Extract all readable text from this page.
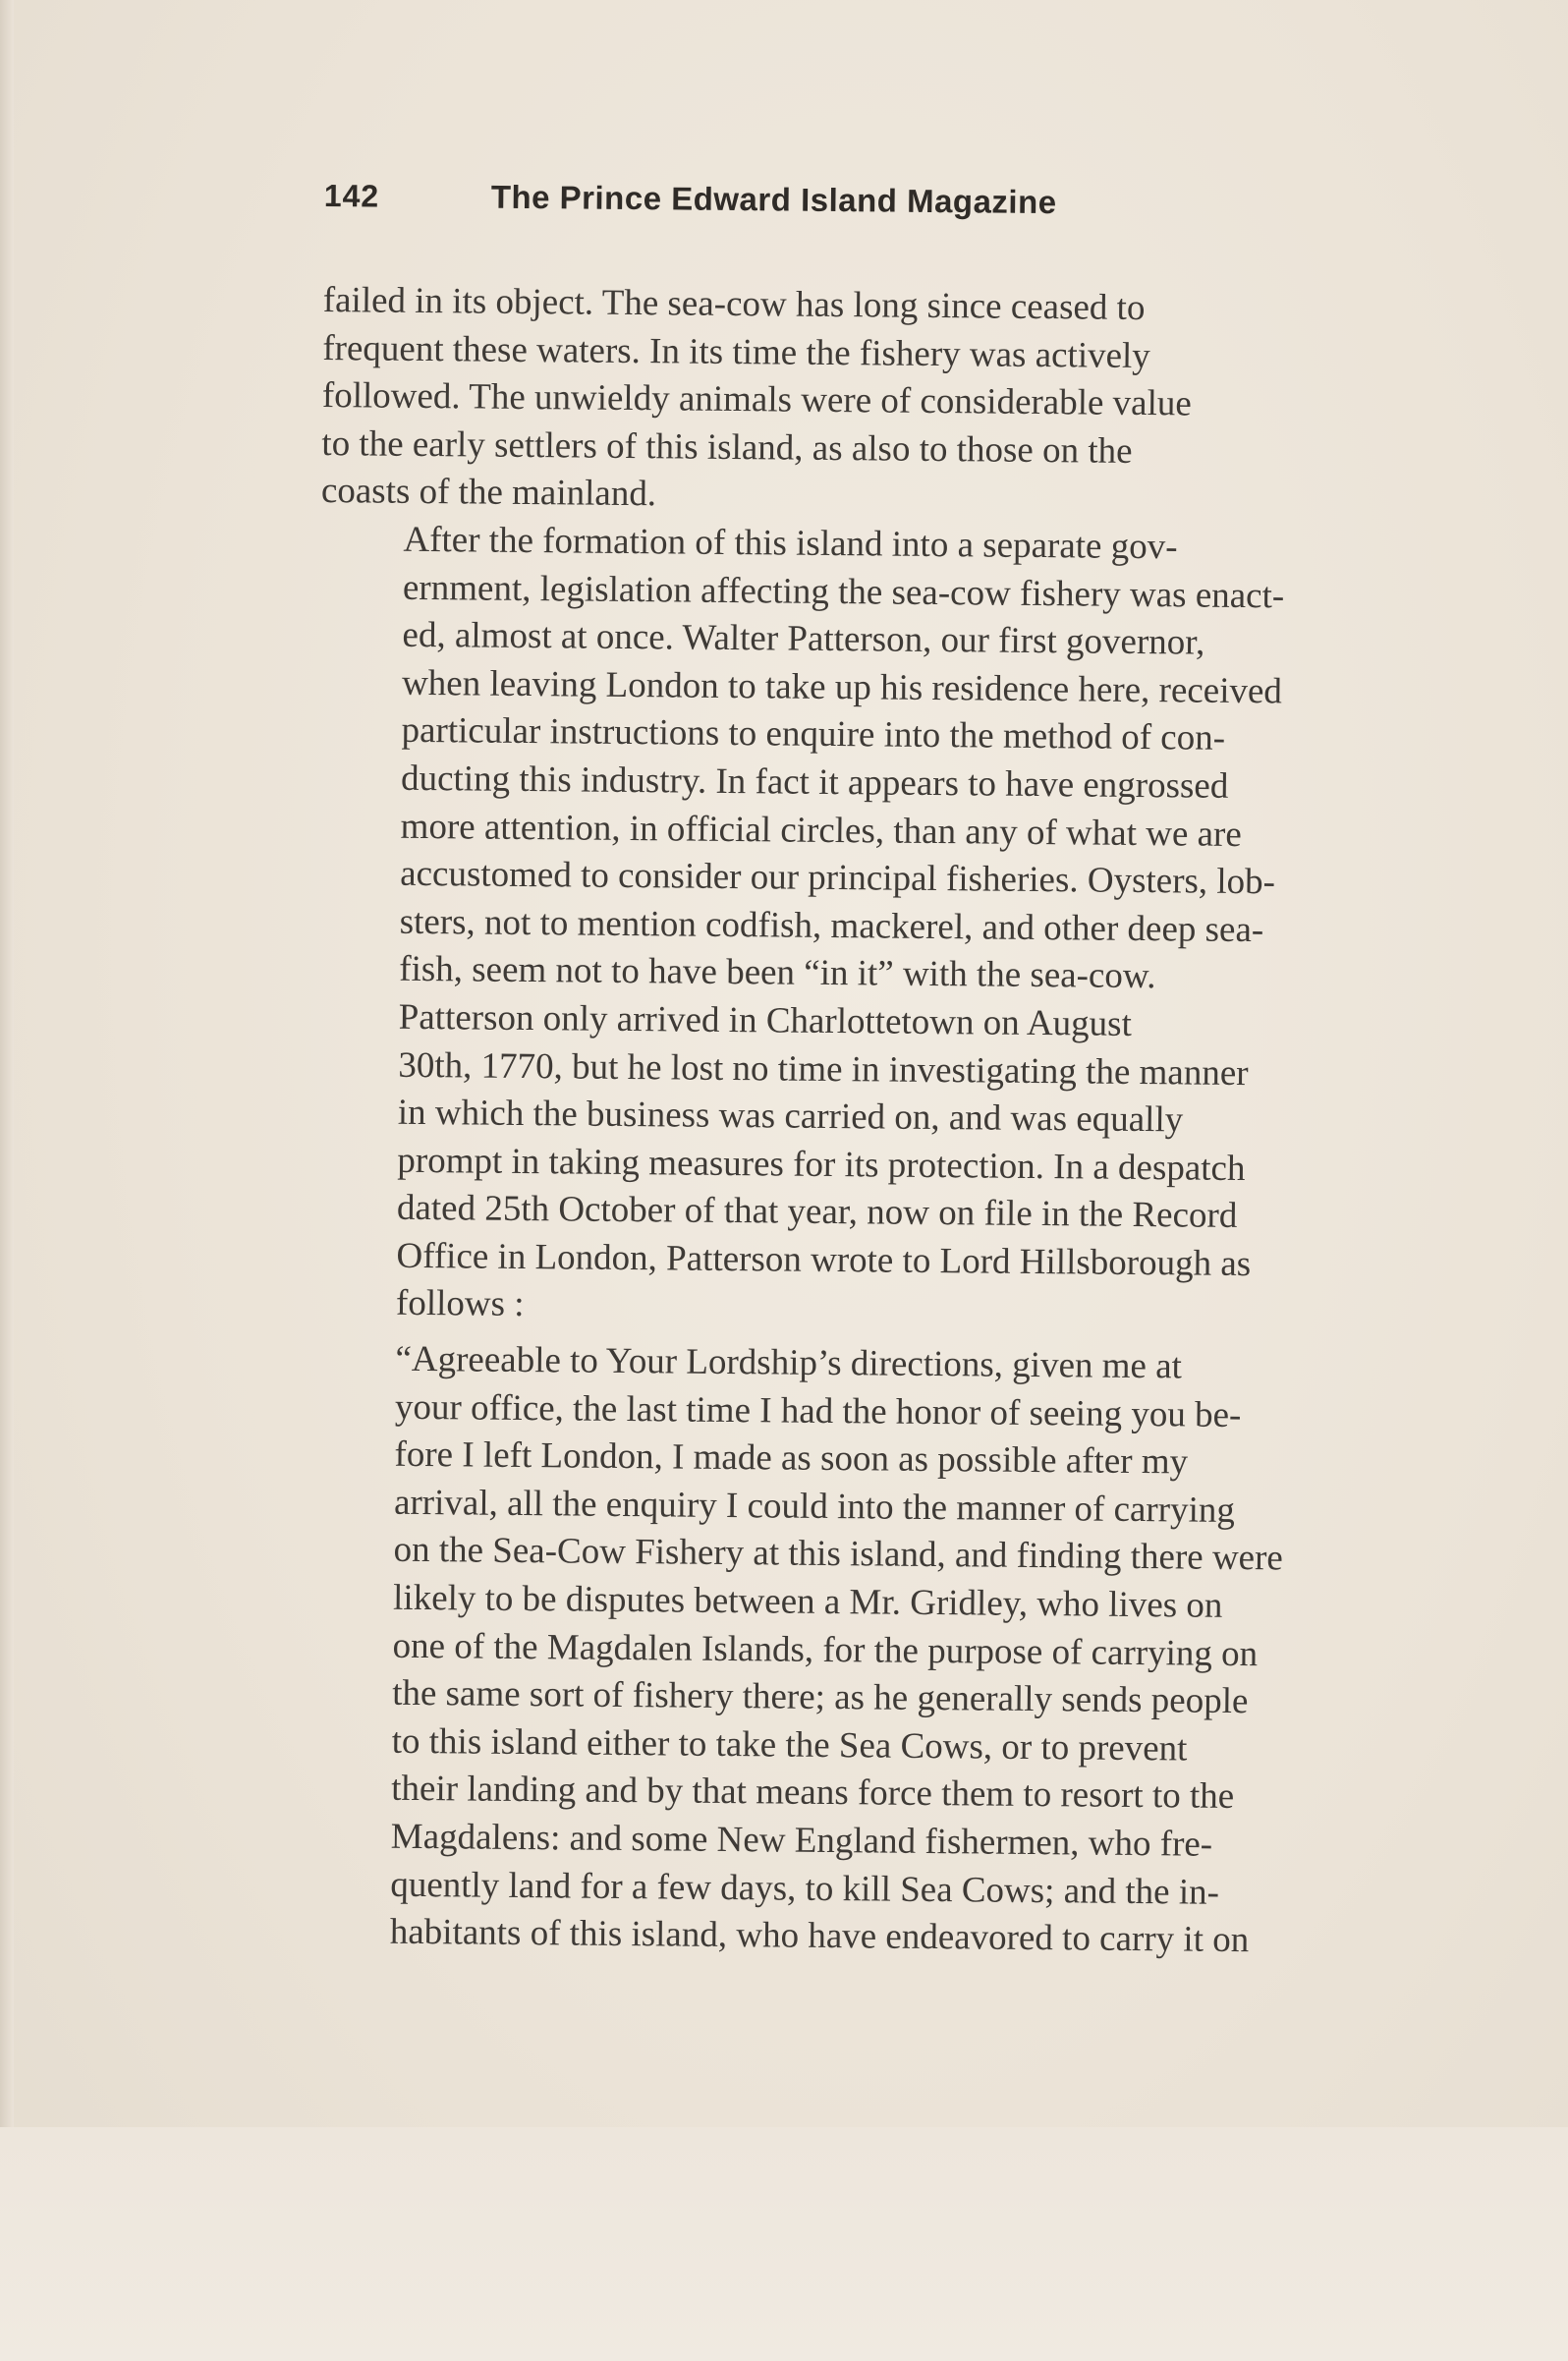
142	The Prince Edward Island Magazine

failed in its object. The sea-cow has long since ceased to
frequent these waters. In its time the fishery was actively
followed. The unwieldy animals were of considerable value
to the early settlers of this island, as also to those on the
coasts of the mainland.

After the formation of this island into a separate gov-
ernment, legislation affecting the sea-cow fishery was enact-
ed, almost at once. Walter Patterson, our first governor,
when leaving London to take up his residence here, received
particular instructions to enquire into the method of con-
ducting this industry. In fact it appears to have engrossed
more attention, in official circles, than any of what we are
accustomed to consider our principal fisheries. Oysters, lob-
sters, not to mention codfish, mackerel, and other deep sea-
fish, seem not to have been “in it” with the sea-cow.

Patterson only arrived in Charlottetown on August
30th, 1770, but he lost no time in investigating the manner
in which the business was carried on, and was equally
prompt in taking measures for its protection. In a despatch
dated 25th October of that year, now on file in the Record
Office in London, Patterson wrote to Lord Hillsborough as
follows :

“Agreeable to Your Lordship’s directions, given me at
your office, the last time I had the honor of seeing you be-
fore I left London, I made as soon as possible after my
arrival, all the enquiry I could into the manner of carrying
on the Sea-Cow Fishery at this island, and finding there were
likely to be disputes between a Mr. Gridley, who lives on
one of the Magdalen Islands, for the purpose of carrying on
the same sort of fishery there; as he generally sends people
to this island either to take the Sea Cows, or to prevent
their landing and by that means force them to resort to the
Magdalens: and some New England fishermen, who fre-
quently land for a few days, to kill Sea Cows; and the in-
habitants of this island, who have endeavored to carry it on
